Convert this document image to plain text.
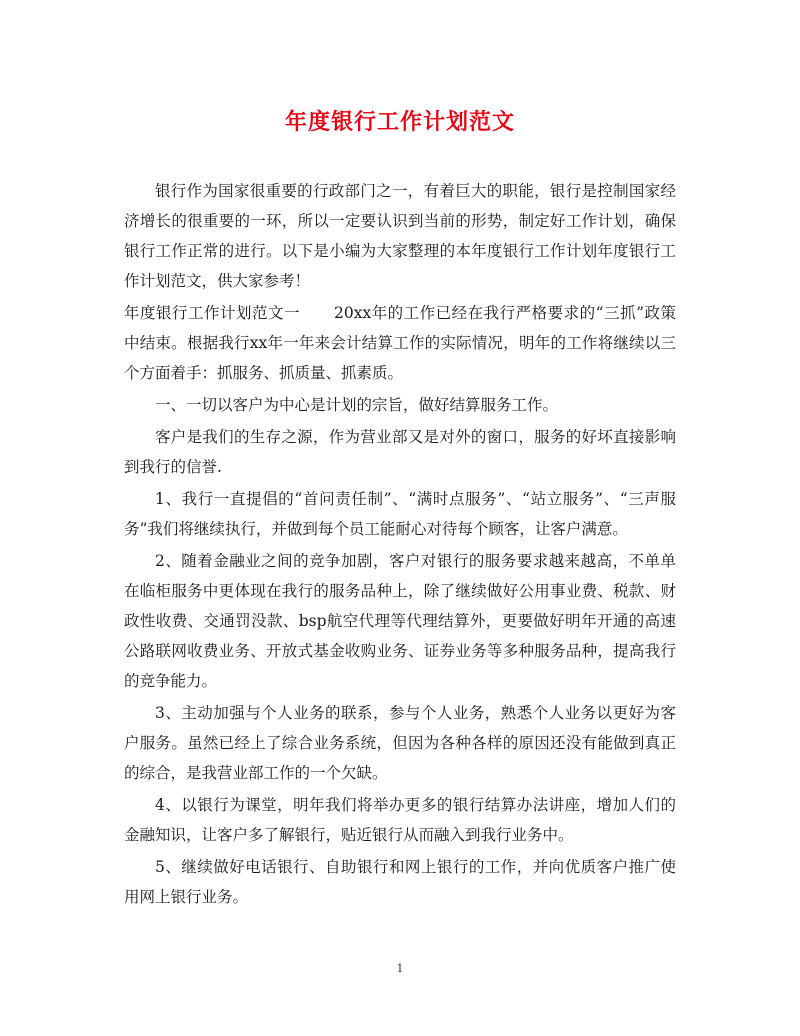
年度银行工作计划范文

银行作为国家很重要的行政部门之一，有着巨大的职能，银行是控制国家经济增长的很重要的一环，所以一定要认识到当前的形势，制定好工作计划，确保银行工作正常的进行。以下是小编为大家整理的本年度银行工作计划年度银行工作计划范文，供大家参考！

年度银行工作计划范文一 20xx年的工作已经在我行严格要求的“三抓”政策中结束。根据我行xx年一年来会计结算工作的实际情况，明年的工作将继续以三个方面着手：抓服务、抓质量、抓素质。

一、一切以客户为中心是计划的宗旨，做好结算服务工作。

客户是我们的生存之源，作为营业部又是对外的窗口，服务的好坏直接影响到我行的信誉.

1、我行一直提倡的“首问责任制”、“满时点服务”、“站立服务”、“三声服务”我们将继续执行，并做到每个员工能耐心对待每个顾客，让客户满意。

2、随着金融业之间的竞争加剧，客户对银行的服务要求越来越高，不单单在临柜服务中更体现在我行的服务品种上，除了继续做好公用事业费、税款、财政性收费、交通罚没款、bsp航空代理等代理结算外，更要做好明年开通的高速公路联网收费业务、开放式基金收购业务、证券业务等多种服务品种，提高我行的竞争能力。

3、主动加强与个人业务的联系，参与个人业务，熟悉个人业务以更好为客户服务。虽然已经上了综合业务系统，但因为各种各样的原因还没有能做到真正的综合，是我营业部工作的一个欠缺。

4、以银行为课堂，明年我们将举办更多的银行结算办法讲座，增加人们的金融知识，让客户多了解银行，贴近银行从而融入到我行业务中。

5、继续做好电话银行、自助银行和网上银行的工作，并向优质客户推广使用网上银行业务。

1
